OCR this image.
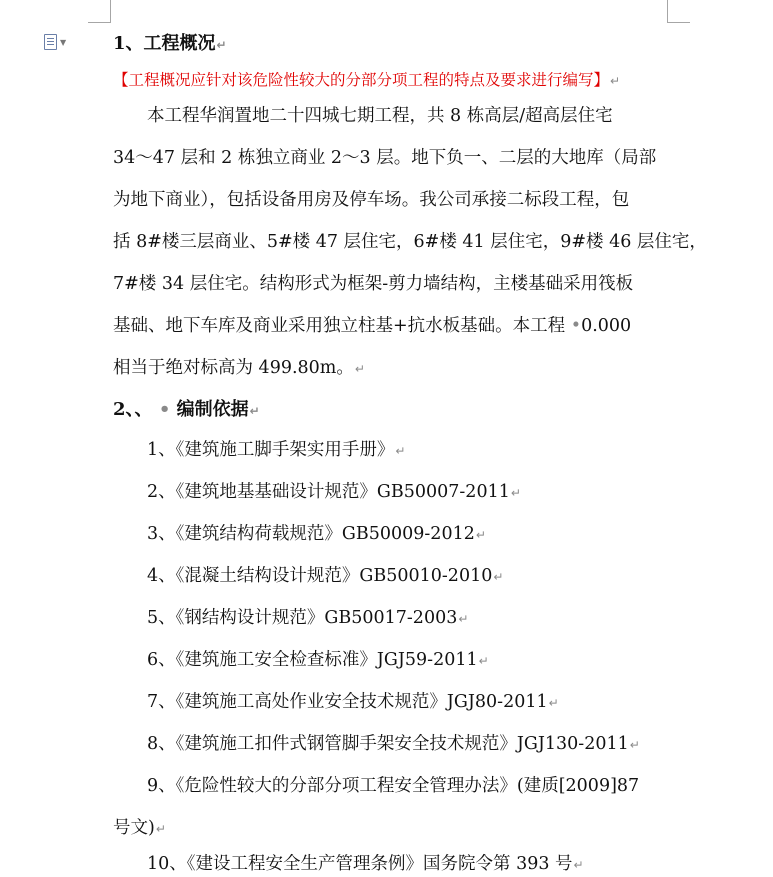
▼	1、工程概况↵
【工程概况应针对该危险性较大的分部分项工程的特点及要求进行编写】↵
本工程华润置地二十四城七期工程，共 8 栋高层/超高层住宅
34～47 层和 2 栋独立商业 2～3 层。地下负一、二层的大地库（局部
为地下商业），包括设备用房及停车场。我公司承接二标段工程，包
括 8#楼三层商业、5#楼 47 层住宅，6#楼 41 层住宅，9#楼 46 层住宅，
7#楼 34 层住宅。结构形式为框架-剪力墙结构，主楼基础采用筏板
基础、地下车库及商业采用独立柱基+抗水板基础。本工程 •0.000
相当于绝对标高为 499.80m。↵
2、、 • 编制依据↵
1、《建筑施工脚手架实用手册》↵
2、《建筑地基基础设计规范》GB50007-2011↵
3、《建筑结构荷载规范》GB50009-2012↵
4、《混凝土结构设计规范》GB50010-2010↵
5、《钢结构设计规范》GB50017-2003↵
6、《建筑施工安全检查标准》JGJ59-2011↵
7、《建筑施工高处作业安全技术规范》JGJ80-2011↵
8、《建筑施工扣件式钢管脚手架安全技术规范》JGJ130-2011↵
9、《危险性较大的分部分项工程安全管理办法》(建质[2009]87
号文)↵
10、《建设工程安全生产管理条例》国务院令第 393 号↵
